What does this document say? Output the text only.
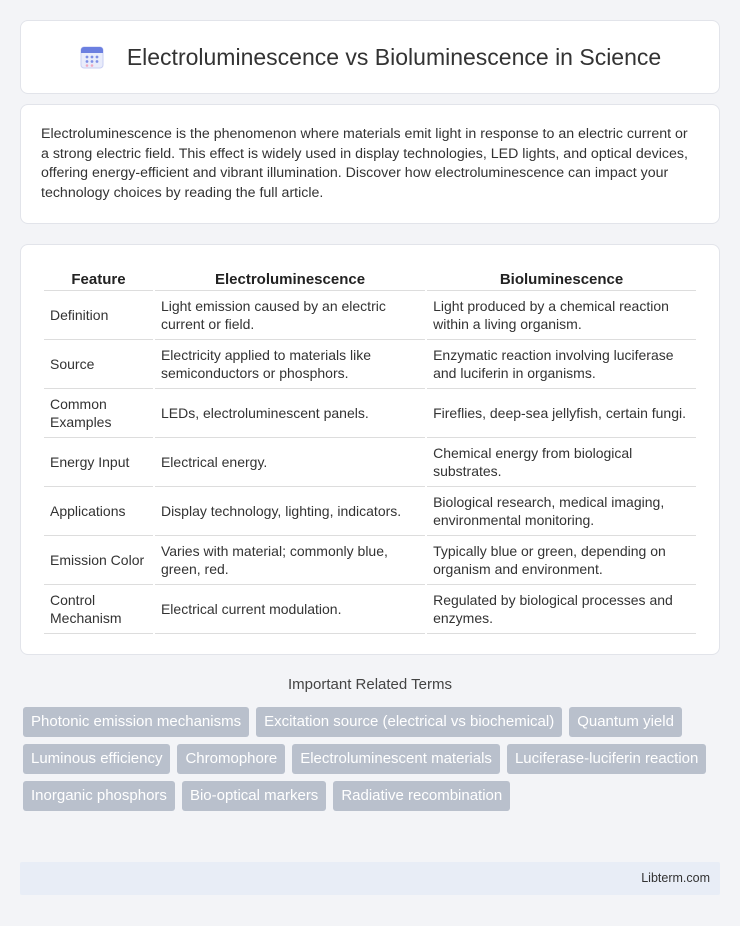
Electroluminescence vs Bioluminescence in Science

Electroluminescence is the phenomenon where materials emit light in response to an electric current or a strong electric field. This effect is widely used in display technologies, LED lights, and optical devices, offering energy-efficient and vibrant illumination. Discover how electroluminescence can impact your technology choices by reading the full article.

Feature	Electroluminescence	Bioluminescence
Definition	Light emission caused by an electric current or field.	Light produced by a chemical reaction within a living organism.
Source	Electricity applied to materials like semiconductors or phosphors.	Enzymatic reaction involving luciferase and luciferin in organisms.
Common Examples	LEDs, electroluminescent panels.	Fireflies, deep-sea jellyfish, certain fungi.
Energy Input	Electrical energy.	Chemical energy from biological substrates.
Applications	Display technology, lighting, indicators.	Biological research, medical imaging, environmental monitoring.
Emission Color	Varies with material; commonly blue, green, red.	Typically blue or green, depending on organism and environment.
Control Mechanism	Electrical current modulation.	Regulated by biological processes and enzymes.
Important Related Terms
Photonic emission mechanisms	Excitation source (electrical vs biochemical)	Quantum yield
Luminous efficiency	Chromophore	Electroluminescent materials	Luciferase-luciferin reaction
Inorganic phosphors	Bio-optical markers	Radiative recombination
Libterm.com
